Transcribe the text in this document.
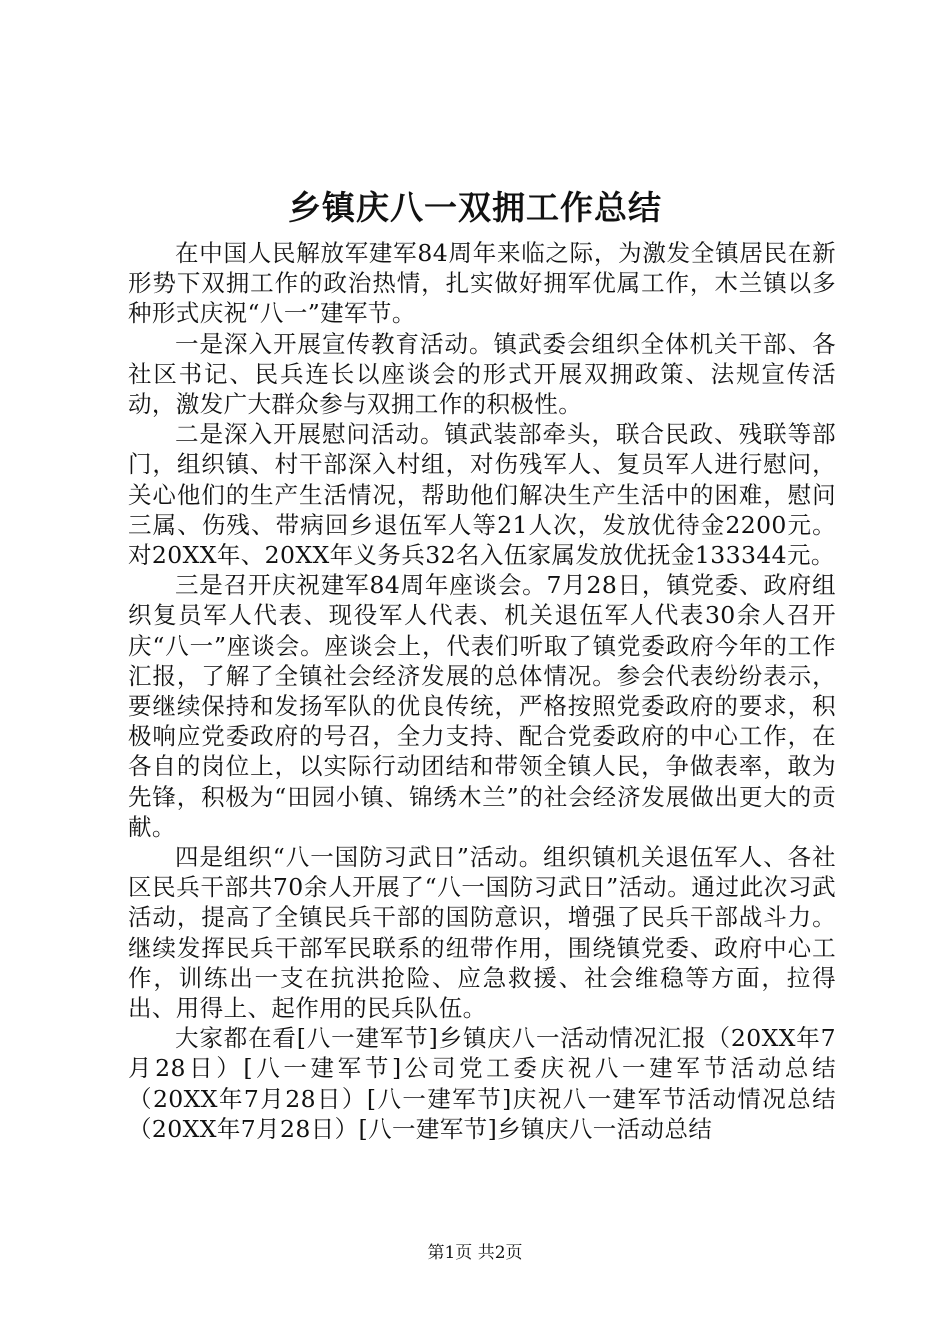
乡镇庆八一双拥工作总结

在中国人民解放军建军84周年来临之际，为激发全镇居民在新形势下双拥工作的政治热情，扎实做好拥军优属工作，木兰镇以多种形式庆祝“八一”建军节。

一是深入开展宣传教育活动。镇武委会组织全体机关干部、各社区书记、民兵连长以座谈会的形式开展双拥政策、法规宣传活动，激发广大群众参与双拥工作的积极性。

二是深入开展慰问活动。镇武装部牵头，联合民政、残联等部门，组织镇、村干部深入村组，对伤残军人、复员军人进行慰问，关心他们的生产生活情况，帮助他们解决生产生活中的困难，慰问三属、伤残、带病回乡退伍军人等21人次，发放优待金2200元。对20XX年、20XX年义务兵32名入伍家属发放优抚金133344元。

三是召开庆祝建军84周年座谈会。7月28日，镇党委、政府组织复员军人代表、现役军人代表、机关退伍军人代表30余人召开庆“八一”座谈会。座谈会上，代表们听取了镇党委政府今年的工作汇报，了解了全镇社会经济发展的总体情况。参会代表纷纷表示，要继续保持和发扬军队的优良传统，严格按照党委政府的要求，积极响应党委政府的号召，全力支持、配合党委政府的中心工作，在各自的岗位上，以实际行动团结和带领全镇人民，争做表率，敢为先锋，积极为“田园小镇、锦绣木兰”的社会经济发展做出更大的贡献。

四是组织“八一国防习武日”活动。组织镇机关退伍军人、各社区民兵干部共70余人开展了“八一国防习武日”活动。通过此次习武活动，提高了全镇民兵干部的国防意识，增强了民兵干部战斗力。继续发挥民兵干部军民联系的纽带作用，围绕镇党委、政府中心工作，训练出一支在抗洪抢险、应急救援、社会维稳等方面，拉得出、用得上、起作用的民兵队伍。

大家都在看[八一建军节]乡镇庆八一活动情况汇报（20XX年7月28日）[八一建军节]公司党工委庆祝八一建军节活动总结（20XX年7月28日）[八一建军节]庆祝八一建军节活动情况总结（20XX年7月28日）[八一建军节]乡镇庆八一活动总结

第1页 共2页
